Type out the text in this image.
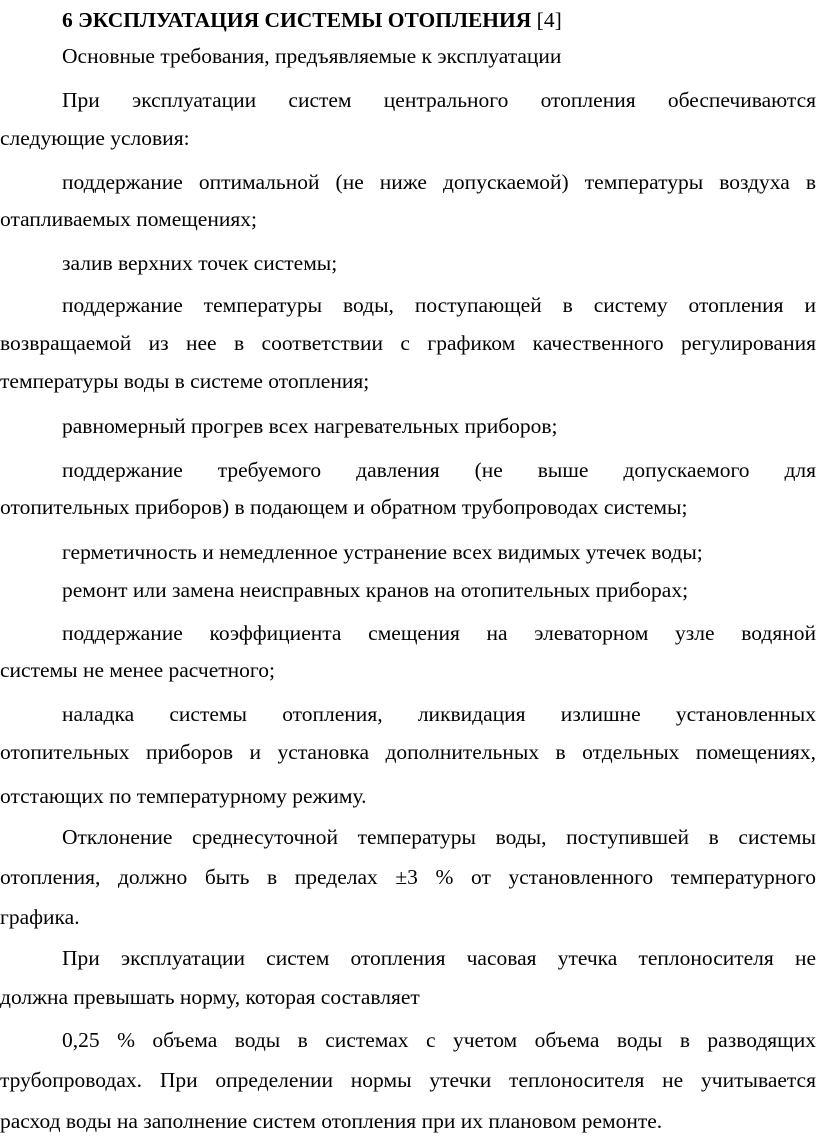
6 ЭКСПЛУАТАЦИЯ СИСТЕМЫ ОТОПЛЕНИЯ [4]
Основные требования, предъявляемые к эксплуатации
При эксплуатации систем центрального отопления обеспечиваются
следующие условия:
поддержание оптимальной (не ниже допускаемой) температуры воздуха в
отапливаемых помещениях;
залив верхних точек системы;
поддержание температуры воды, поступающей в систему отопления и
возвращаемой из нее в соответствии с графиком качественного регулирования
температуры воды в системе отопления;
равномерный прогрев всех нагревательных приборов;
поддержание требуемого давления (не выше допускаемого для
отопительных приборов) в подающем и обратном трубопроводах системы;
герметичность и немедленное устранение всех видимых утечек воды;
ремонт или замена неисправных кранов на отопительных приборах;
поддержание коэффициента смещения на элеваторном узле водяной
системы не менее расчетного;
наладка системы отопления, ликвидация излишне установленных
отопительных приборов и установка дополнительных в отдельных помещениях,
отстающих по температурному режиму.
Отклонение среднесуточной температуры воды, поступившей в системы
отопления, должно быть в пределах ±3 % от установленного температурного
графика.
При эксплуатации систем отопления часовая утечка теплоносителя не
должна превышать норму, которая составляет
0,25 % объема воды в системах с учетом объема воды в разводящих
трубопроводах. При определении нормы утечки теплоносителя не учитывается
расход воды на заполнение систем отопления при их плановом ремонте.
